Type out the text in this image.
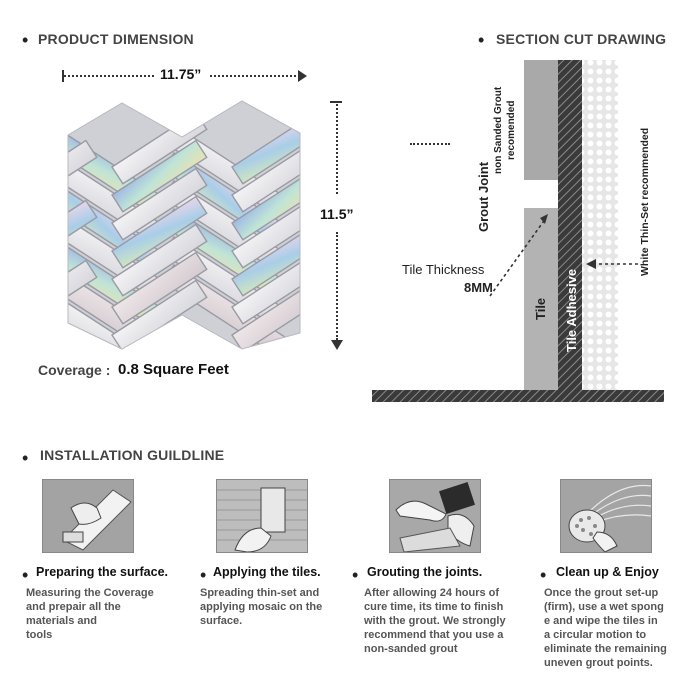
• PRODUCT DIMENSION
11.75”
11.5”
Coverage : 0.8 Square Feet
• SECTION CUT DRAWING
Grout Joint
non Sanded Grout recomended
Tile Tile Adhesive
White Thin-Set recommended
Tile Thickness
8MM
• INSTALLATION GUILDLINE
• Preparing the surface.
Measuring the Coverage
and prepair all the
materials and
tools
• Applying the tiles.
Spreading thin-set and
applying mosaic on the
surface.
• Grouting the joints.
After allowing 24 hours of
cure time, its time to finish
with the grout. We strongly
recommend that you use a
non-sanded grout
• Clean up & Enjoy
Once the grout set-up
(firm), use a wet spong
e and wipe the tiles in
a circular motion to
eliminate the remaining
uneven grout points.
